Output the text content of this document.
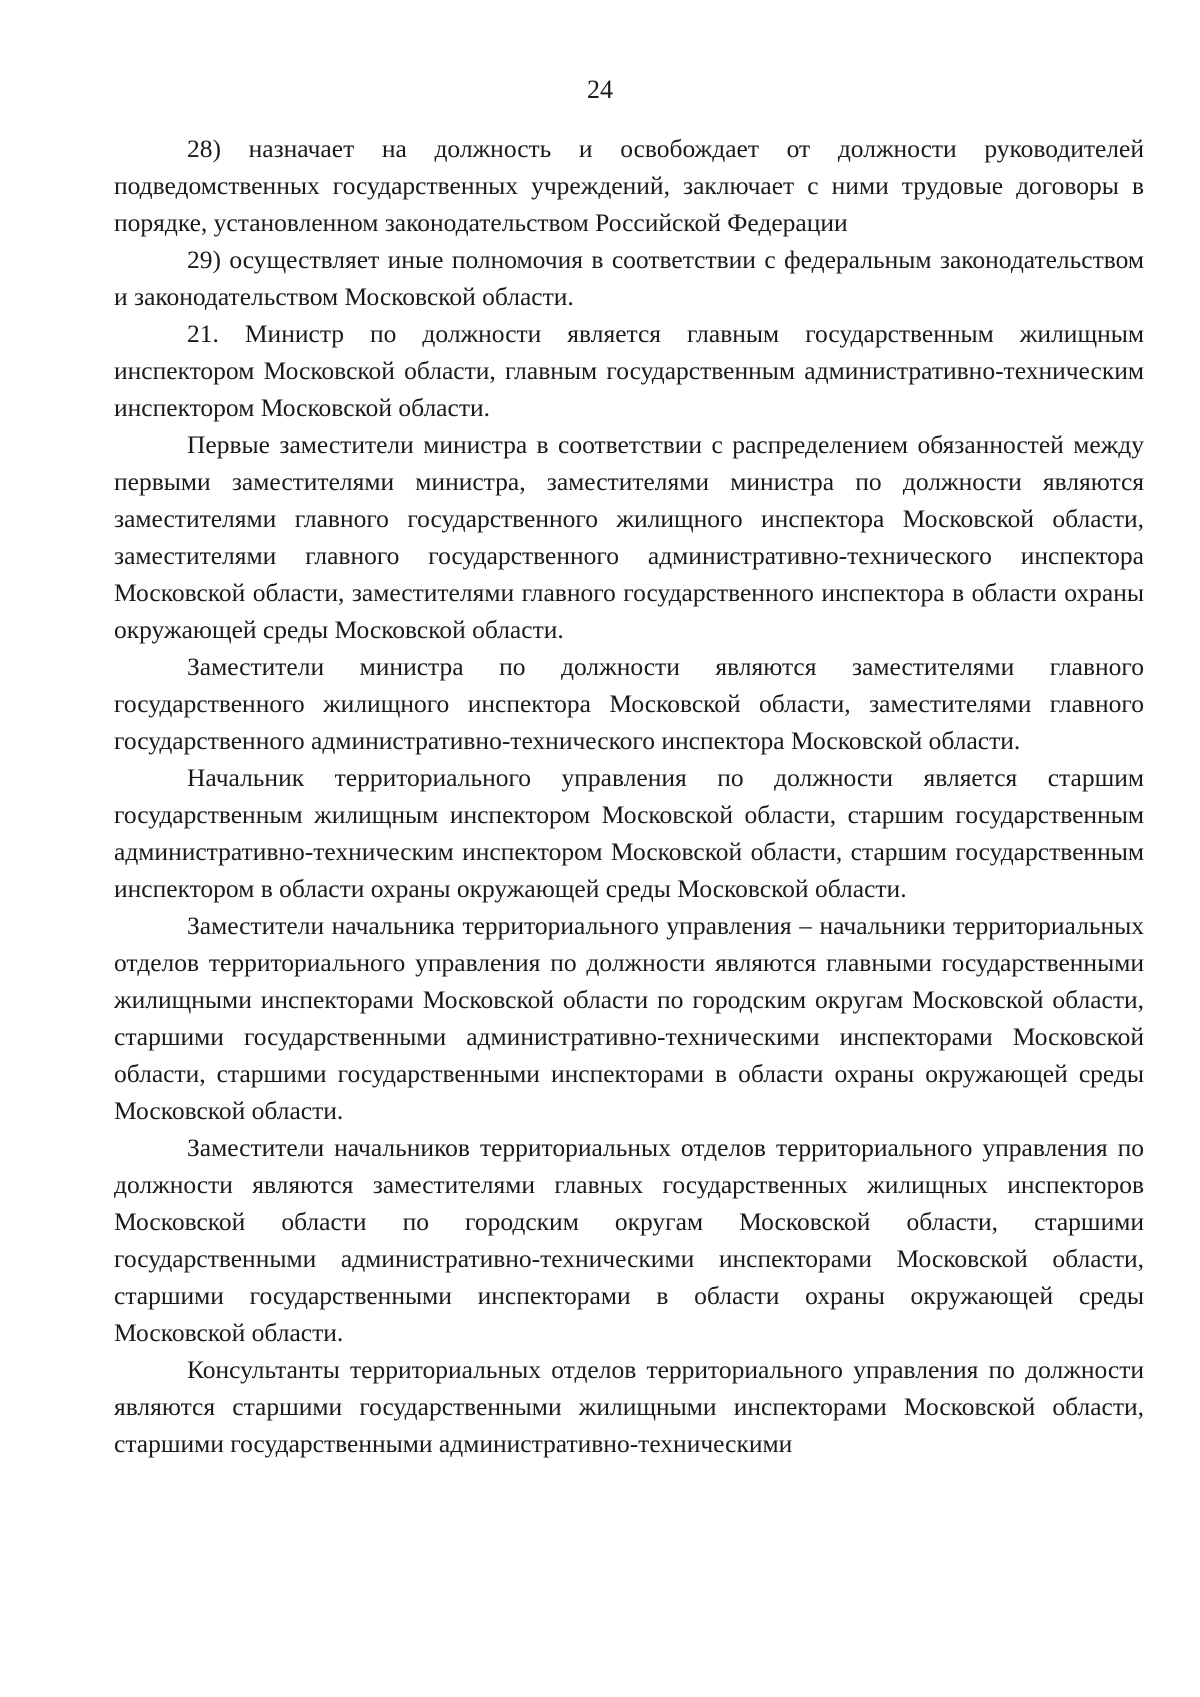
24

28) назначает на должность и освобождает от должности руководителей подведомственных государственных учреждений, заключает с ними трудовые договоры в порядке, установленном законодательством Российской Федерации

29) осуществляет иные полномочия в соответствии с федеральным законодательством и законодательством Московской области.

21. Министр по должности является главным государственным жилищным инспектором Московской области, главным государственным административно-техническим инспектором Московской области.

Первые заместители министра в соответствии с распределением обязанностей между первыми заместителями министра, заместителями министра по должности являются заместителями главного государственного жилищного инспектора Московской области, заместителями главного государственного административно-технического инспектора Московской области, заместителями главного государственного инспектора в области охраны окружающей среды Московской области.

Заместители министра по должности являются заместителями главного государственного жилищного инспектора Московской области, заместителями главного государственного административно-технического инспектора Московской области.

Начальник территориального управления по должности является старшим государственным жилищным инспектором Московской области, старшим государственным административно-техническим инспектором Московской области, старшим государственным инспектором в области охраны окружающей среды Московской области.

Заместители начальника территориального управления – начальники территориальных отделов территориального управления по должности являются главными государственными жилищными инспекторами Московской области по городским округам Московской области, старшими государственными административно-техническими инспекторами Московской области, старшими государственными инспекторами в области охраны окружающей среды Московской области.

Заместители начальников территориальных отделов территориального управления по должности являются заместителями главных государственных жилищных инспекторов Московской области по городским округам Московской области, старшими государственными административно-техническими инспекторами Московской области, старшими государственными инспекторами в области охраны окружающей среды Московской области.

Консультанты территориальных отделов территориального управления по должности являются старшими государственными жилищными инспекторами Московской области, старшими государственными административно-техническими
